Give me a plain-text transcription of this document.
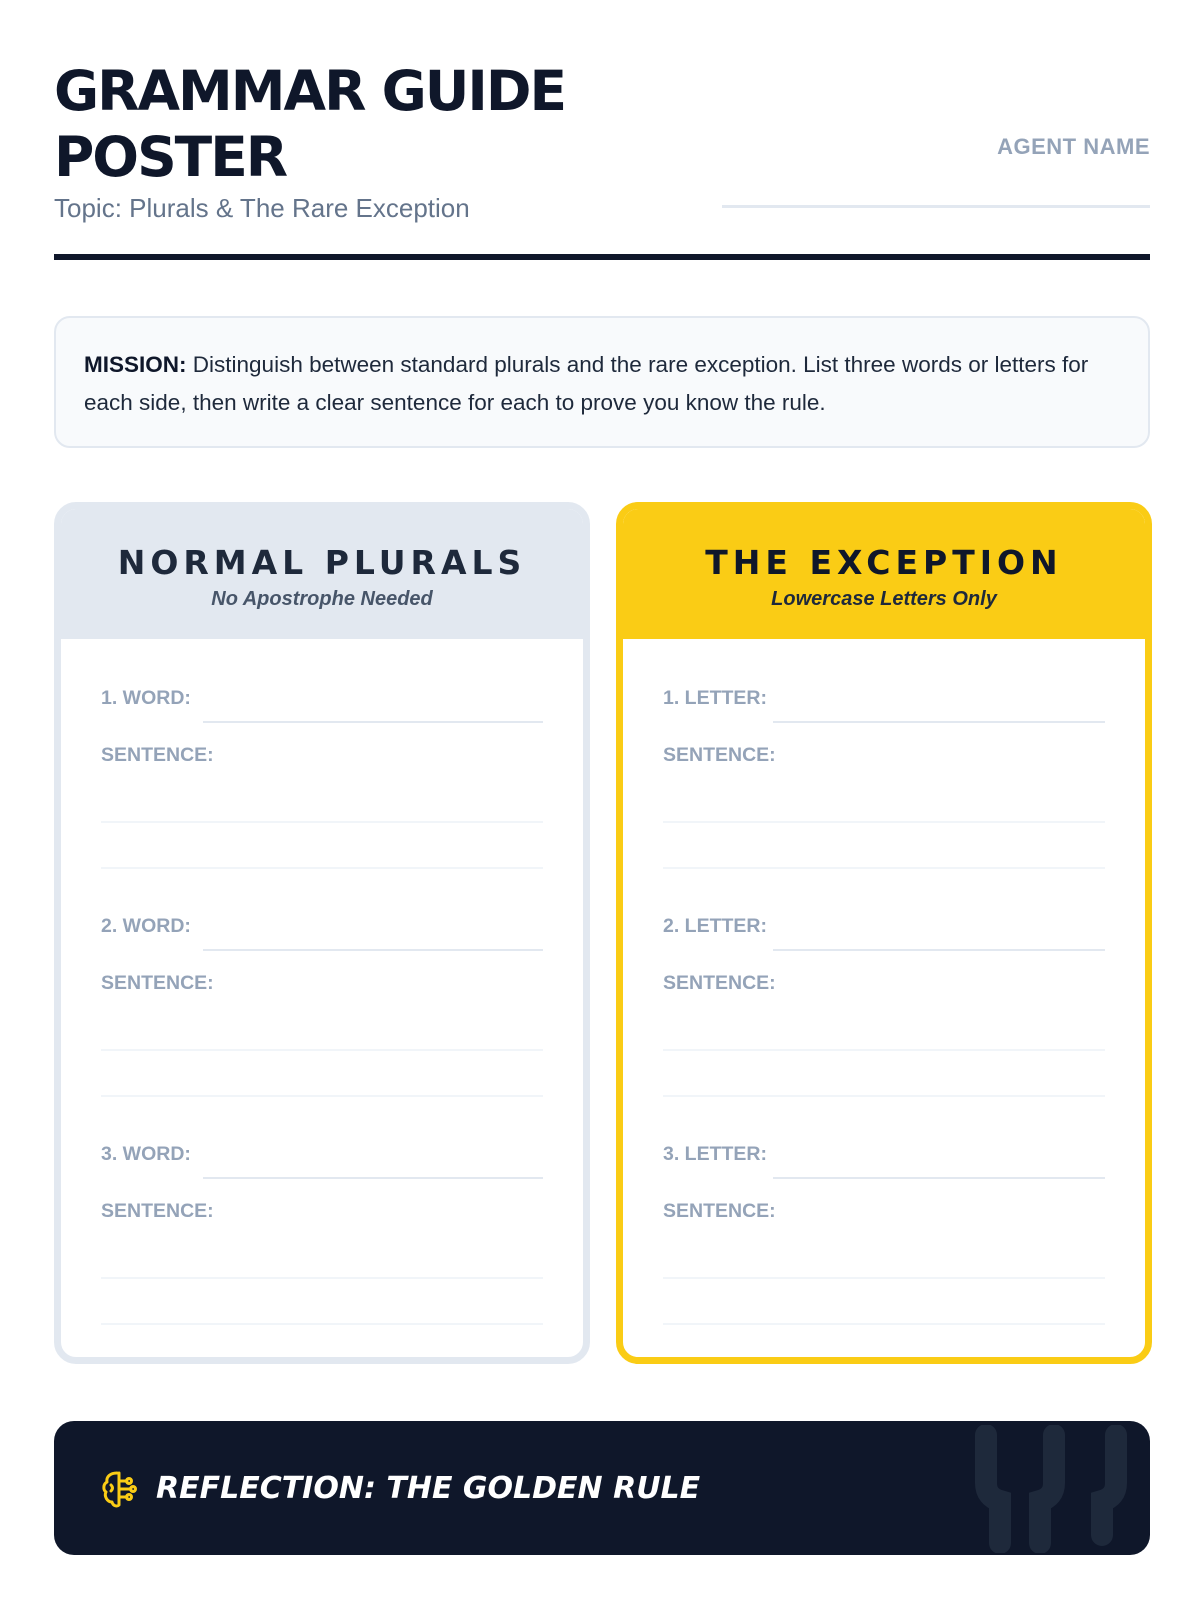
GRAMMAR GUIDE POSTER
Topic: Plurals & The Rare Exception
AGENT NAME
MISSION: Distinguish between standard plurals and the rare exception. List three words or letters for each side, then write a clear sentence for each to prove you know the rule.
NORMAL PLURALS
No Apostrophe Needed
1. WORD:
SENTENCE:
2. WORD:
SENTENCE:
3. WORD:
SENTENCE:
THE EXCEPTION
Lowercase Letters Only
1. LETTER:
SENTENCE:
2. LETTER:
SENTENCE:
3. LETTER:
SENTENCE:
REFLECTION: THE GOLDEN RULE
